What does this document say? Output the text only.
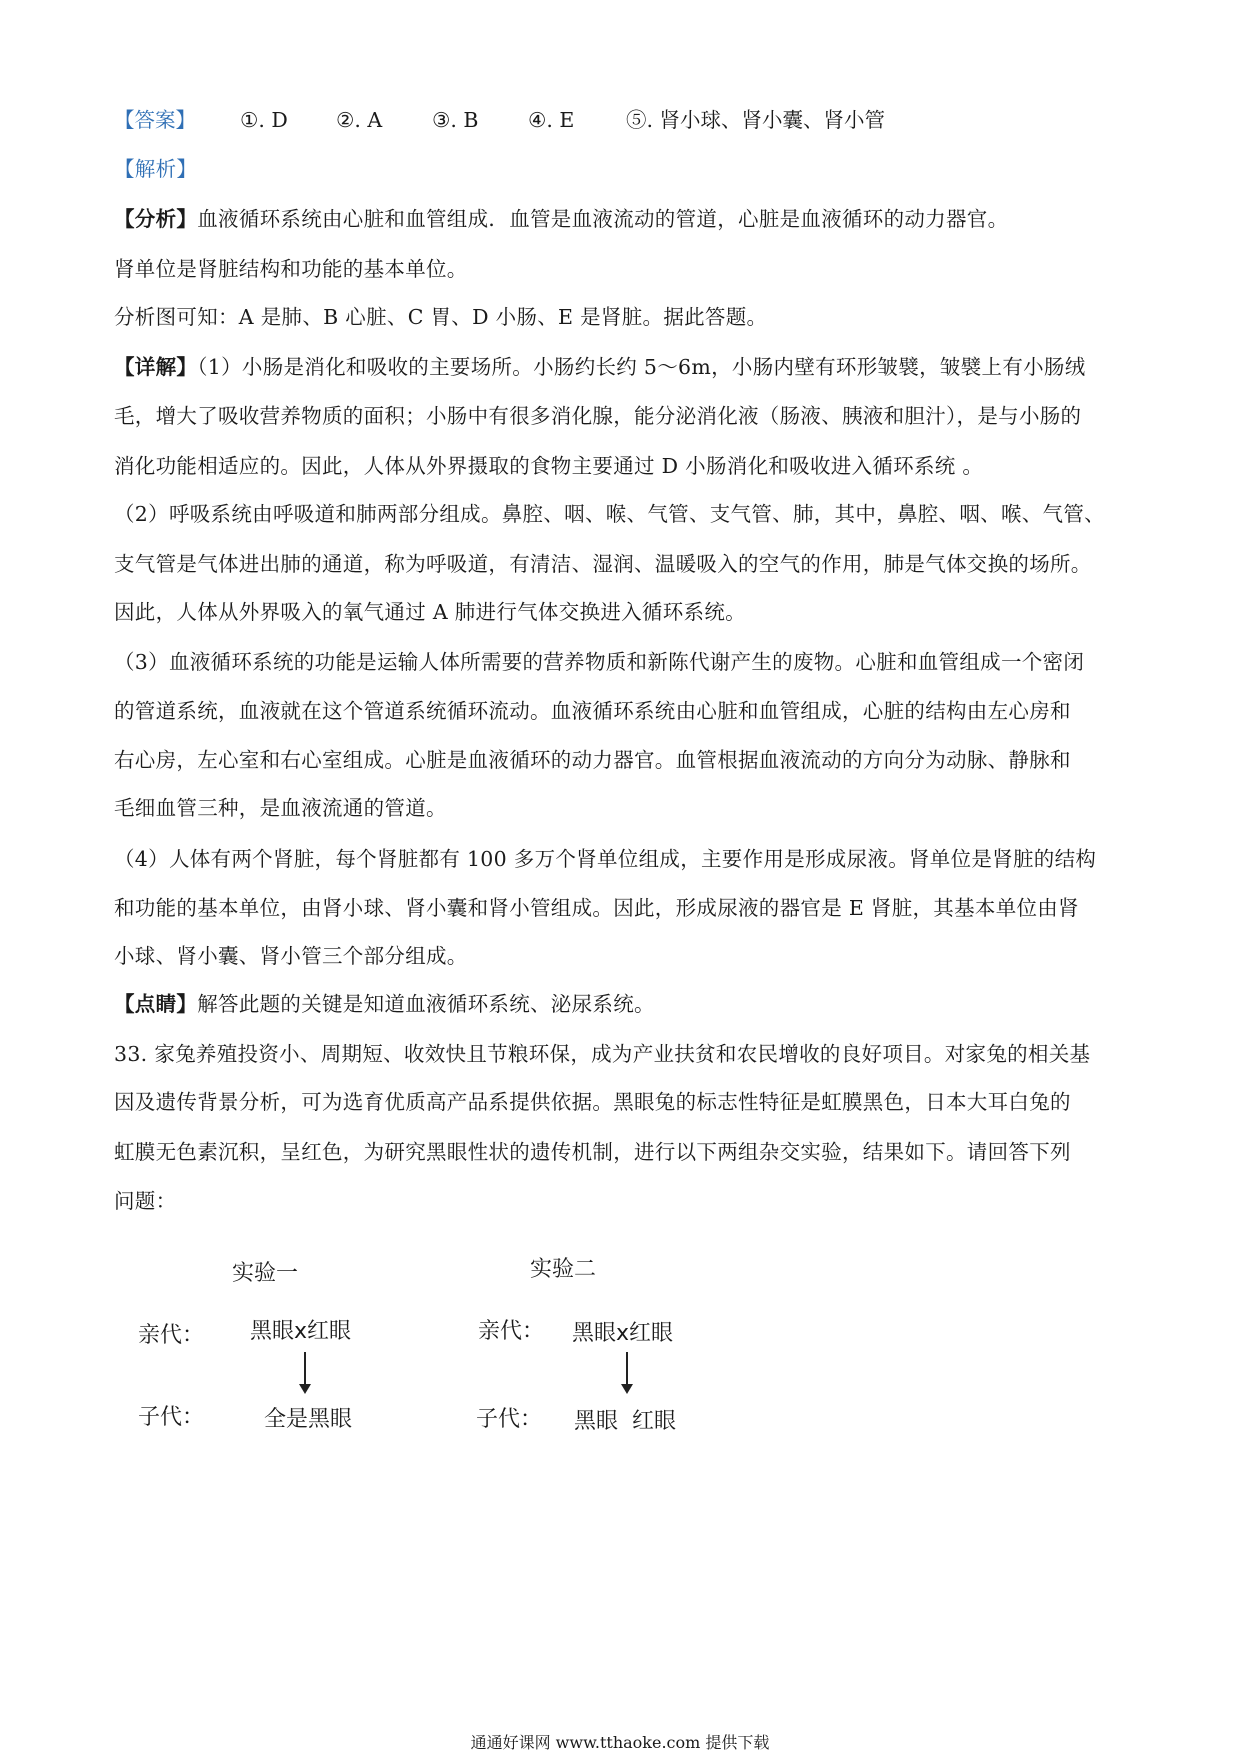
【答案】 ①. D ②. A ③. B ④. E	⑤. 肾小球、肾小囊、肾小管
【解析】
【分析】血液循环系统由心脏和血管组成．血管是血液流动的管道，心脏是血液循环的动力器官。
肾单位是肾脏结构和功能的基本单位。
分析图可知：A 是肺、B 心脏、C 胃、D 小肠、E 是肾脏。据此答题。
【详解】（1）小肠是消化和吸收的主要场所。小肠约长约 5～6m，小肠内壁有环形皱襞，皱襞上有小肠绒
毛，增大了吸收营养物质的面积；小肠中有很多消化腺，能分泌消化液（肠液、胰液和胆汁），是与小肠的
消化功能相适应的。因此，人体从外界摄取的食物主要通过 D 小肠消化和吸收进入循环系统 。
（2）呼吸系统由呼吸道和肺两部分组成。鼻腔、咽、喉、气管、支气管、肺，其中，鼻腔、咽、喉、气管、
支气管是气体进出肺的通道，称为呼吸道，有清洁、湿润、温暖吸入的空气的作用，肺是气体交换的场所。
因此，人体从外界吸入的氧气通过 A 肺进行气体交换进入循环系统。
（3）血液循环系统的功能是运输人体所需要的营养物质和新陈代谢产生的废物。心脏和血管组成一个密闭
的管道系统，血液就在这个管道系统循环流动。血液循环系统由心脏和血管组成，心脏的结构由左心房和
右心房，左心室和右心室组成。心脏是血液循环的动力器官。血管根据血液流动的方向分为动脉、静脉和
毛细血管三种，是血液流通的管道。
（4）人体有两个肾脏，每个肾脏都有 100 多万个肾单位组成，主要作用是形成尿液。肾单位是肾脏的结构
和功能的基本单位，由肾小球、肾小囊和肾小管组成。因此，形成尿液的器官是 E 肾脏，其基本单位由肾
小球、肾小囊、肾小管三个部分组成。
【点睛】解答此题的关键是知道血液循环系统、泌尿系统。
33. 家兔养殖投资小、周期短、收效快且节粮环保，成为产业扶贫和农民增收的良好项目。对家兔的相关基
因及遗传背景分析，可为选育优质高产品系提供依据。黑眼兔的标志性特征是虹膜黑色，日本大耳白兔的
虹膜无色素沉积，呈红色，为研究黑眼性状的遗传机制，进行以下两组杂交实验，结果如下。请回答下列
问题：
实验一	实验二
亲代： 黑眼x红眼	亲代： 黑眼x红眼
子代：	全是黑眼	子代： 黑眼  红眼
通通好课网 www.tthaoke.com 提供下载
